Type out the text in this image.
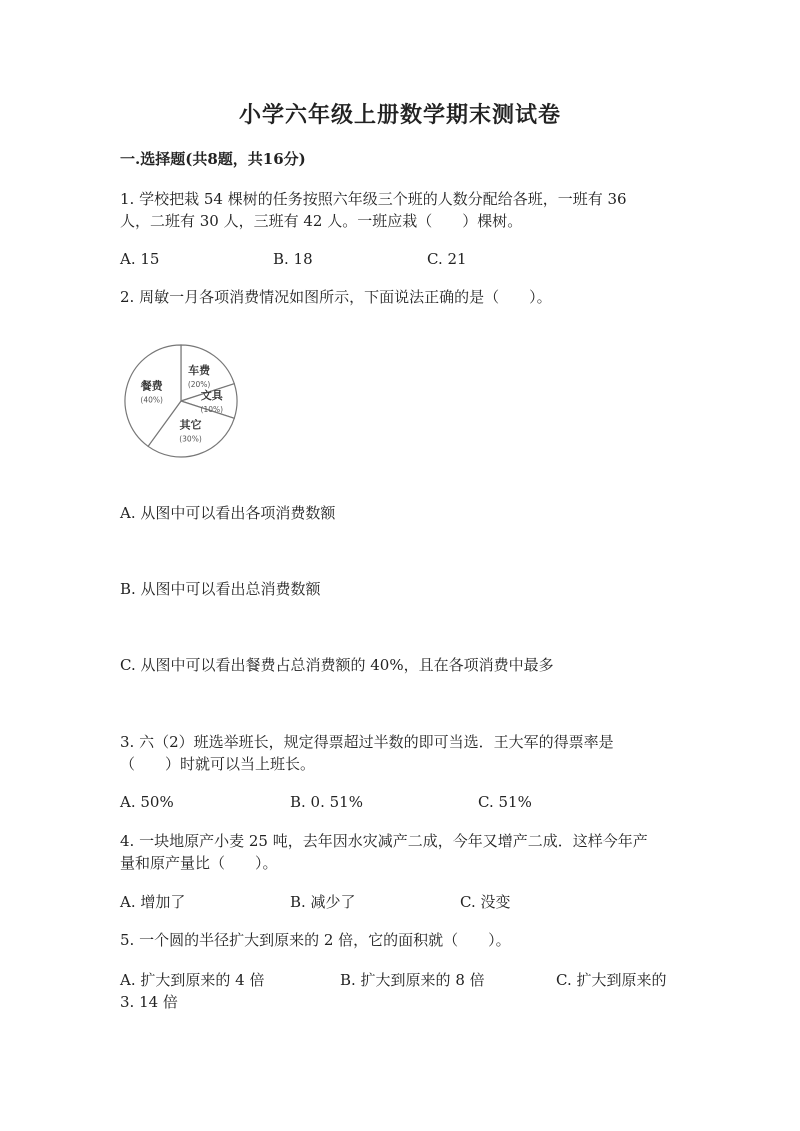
小学六年级上册数学期末测试卷
一.选择题(共8题，共16分)
1. 学校把栽 54 棵树的任务按照六年级三个班的人数分配给各班，一班有 36
人，二班有 30 人，三班有 42 人。一班应栽（　　）棵树。
A. 15	B. 18	C. 21
2. 周敏一月各项消费情况如图所示，下面说法正确的是（　　）。
车费
(20%)
文具
(10%)
其它
(30%)
餐费
(40%)
A. 从图中可以看出各项消费数额
B. 从图中可以看出总消费数额
C. 从图中可以看出餐费占总消费额的 40%，且在各项消费中最多
3. 六（2）班选举班长，规定得票超过半数的即可当选．王大军的得票率是
（　　）时就可以当上班长。
A. 50%	B. 0. 51%	C. 51%
4. 一块地原产小麦 25 吨，去年因水灾减产二成，今年又增产二成．这样今年产
量和原产量比（　　）。
A. 增加了	B. 减少了	C. 没变
5. 一个圆的半径扩大到原来的 2 倍，它的面积就（　　）。
A. 扩大到原来的 4 倍	B. 扩大到原来的 8 倍	C. 扩大到原来的
3. 14 倍
